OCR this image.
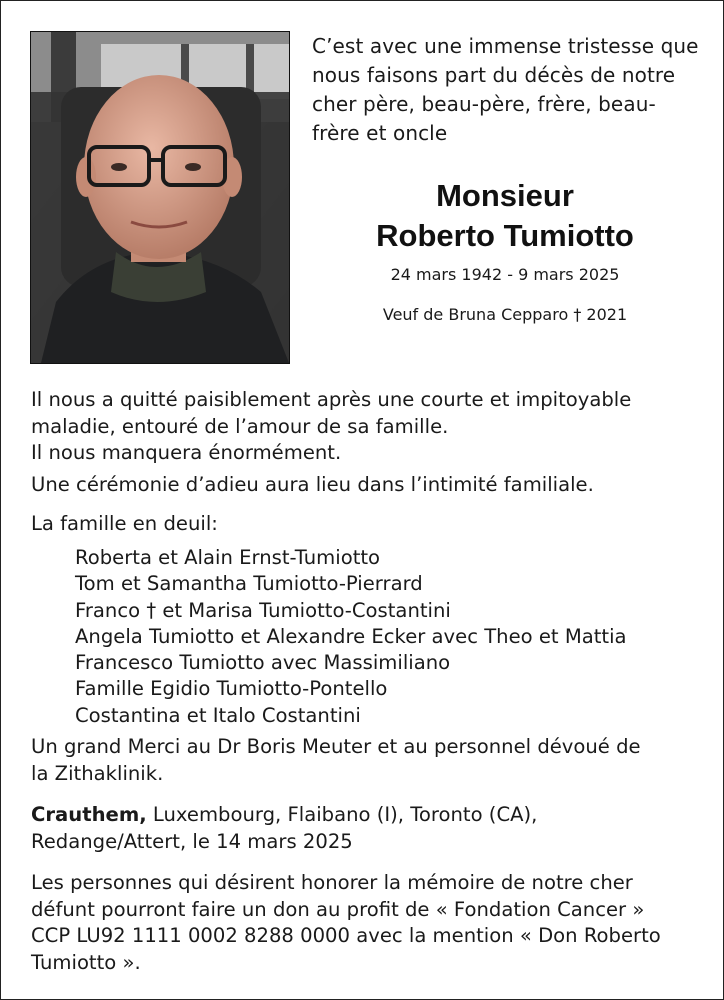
C’est avec une immense tristesse que nous faisons part du décès de notre cher père, beau-père, frère, beau-frère et oncle
Monsieur
Roberto Tumiotto
24 mars 1942 - 9 mars 2025
Veuf de Bruna Cepparo † 2021
Il nous a quitté paisiblement après une courte et impitoyable
maladie, entouré de l’amour de sa famille.
Il nous manquera énormément.
Une cérémonie d’adieu aura lieu dans l’intimité familiale.
La famille en deuil:
Roberta et Alain Ernst-Tumiotto
Tom et Samantha Tumiotto-Pierrard
Franco † et Marisa Tumiotto-Costantini
Angela Tumiotto et Alexandre Ecker avec Theo et Mattia
Francesco Tumiotto avec Massimiliano
Famille Egidio Tumiotto-Pontello
Costantina et Italo Costantini
Un grand Merci au Dr Boris Meuter et au personnel dévoué de
la Zithaklinik.
Crauthem, Luxembourg, Flaibano (I), Toronto (CA),
Redange/Attert, le 14 mars 2025
Les personnes qui désirent honorer la mémoire de notre cher
défunt pourront faire un don au profit de « Fondation Cancer »
CCP LU92 1111 0002 8288 0000 avec la mention « Don Roberto
Tumiotto ».
